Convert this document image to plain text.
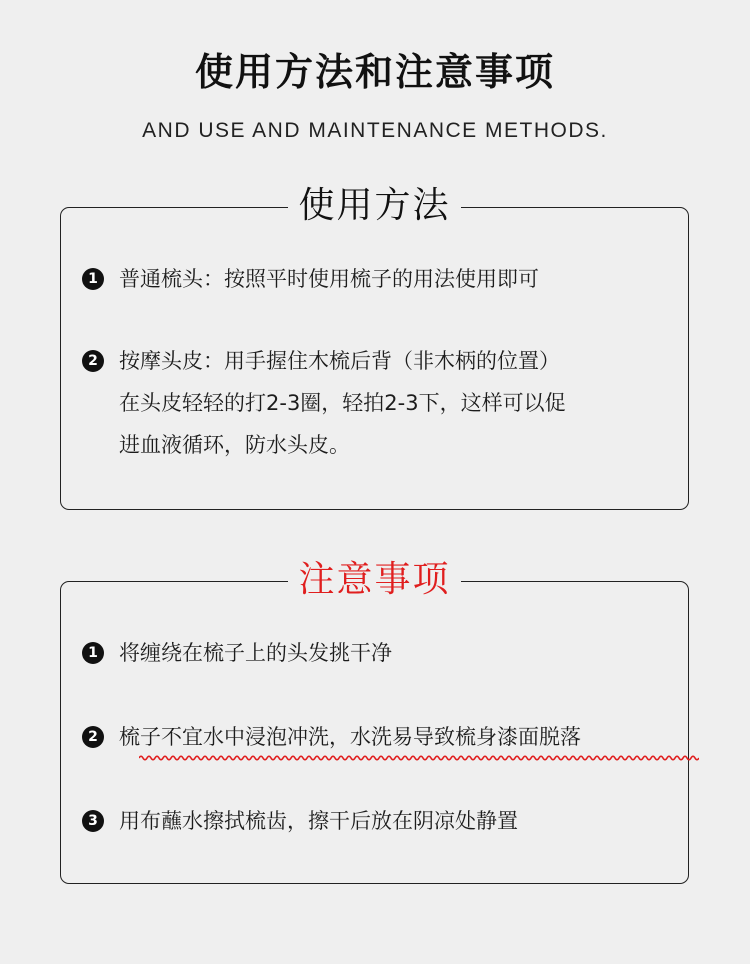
使用方法和注意事项
AND USE AND MAINTENANCE METHODS.
使用方法
1 普通梳头：按照平时使用梳子的用法使用即可
2 按摩头皮：用手握住木梳后背（非木柄的位置）
在头皮轻轻的打2-3圈，轻拍2-3下，这样可以促
进血液循环，防水头皮。
注意事项
1 将缠绕在梳子上的头发挑干净
2 梳子不宜水中浸泡冲洗，水洗易导致梳身漆面脱落
3 用布蘸水擦拭梳齿，擦干后放在阴凉处静置
